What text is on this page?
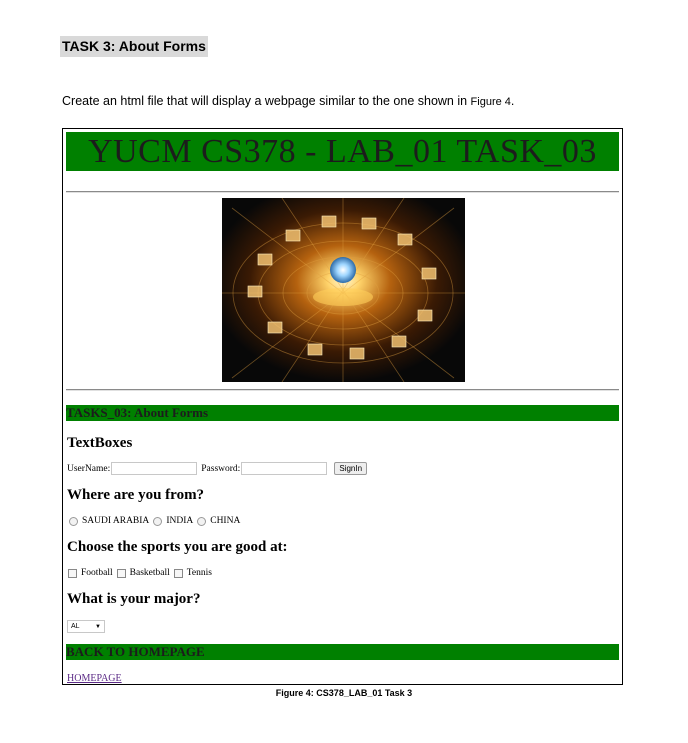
TASK 3: About Forms
Create an html file that will display a webpage similar to the one shown in Figure 4.
YUCM CS378 - LAB_01 TASK_03
TASKS_03: About Forms
TextBoxes
UserName:	Password:	SignIn
Where are you from?
SAUDI ARABIA INDIA CHINA
Choose the sports you are good at:
Football Basketball Tennis
What is your major?
AL	▼
BACK TO HOMEPAGE
HOMEPAGE
Figure 4: CS378_LAB_01 Task 3
